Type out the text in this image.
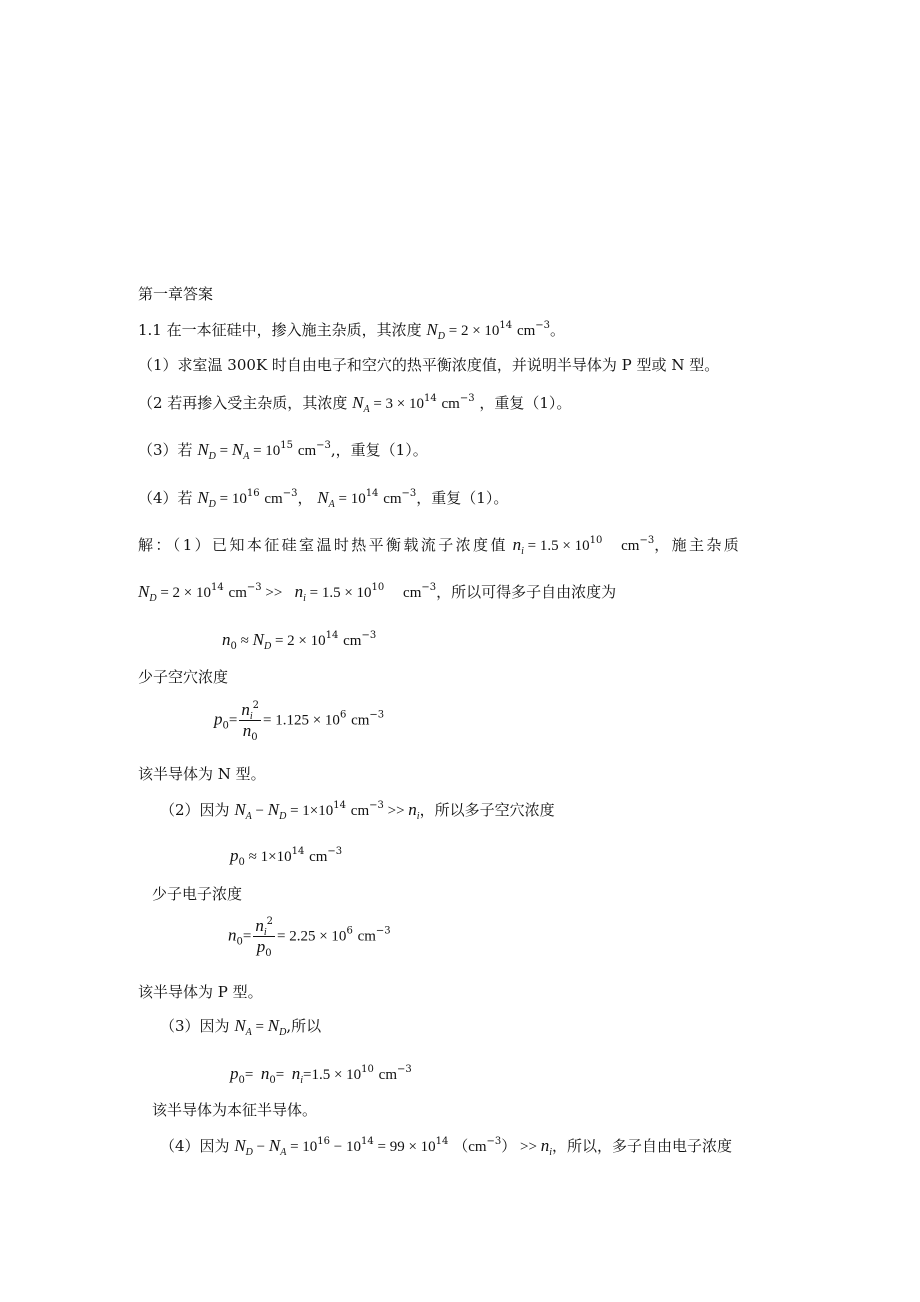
第一章答案
1.1 在一本征硅中，掺入施主杂质，其浓度 $N_D = 2 \times 10^{14}$ $cm^{-3}$。
（1）求室温 300K 时自由电子和空穴的热平衡浓度值，并说明半导体为 P 型或 N 型。
（2 若再掺入受主杂质，其浓度 $N_A = 3 \times 10^{14}$ $cm^{-3}$ ，重复（1）。
（3）若 $N_D = N_A = 10^{15}$ $cm^{-3}$,，重复（1）。
（4）若 $N_D = 10^{16}$ $cm^{-3}$， $N_A = 10^{14}$ $cm^{-3}$，重复（1）。
解：（1）已知本征硅室温时热平衡载流子浓度值 $n_i = 1.5 \times 10^{10}$ $cm^{-3}$，施主杂质
$N_D = 2 \times 10^{14}$ $cm^{-3} >> n_i = 1.5 \times 10^{10}$ $cm^{-3}$，所以可得多子自由浓度为
$n_0 \approx N_D = 2 \times 10^{14}$ $cm^{-3}$
少子空穴浓度
$p_0= \frac{n_i^2}{n_0} = 1.125 \times 10^6$ $cm^{-3}$
该半导体为 N 型。
（2）因为 $N_A - N_D = 1\times 10^{14}$ $cm^{-3} >> n_i$，所以多子空穴浓度
$p_0 \approx 1\times 10^{14}$ $cm^{-3}$
少子电子浓度
$n_0= \frac{n_i^2}{p_0} = 2.25 \times 10^6$ $cm^{-3}$
该半导体为 P 型。
（3）因为 $N_A = N_D$,所以
$p_0= n_0= n_i=1.5 \times 10^{10}$ $cm^{-3}$
该半导体为本征半导体。
（4）因为 $N_D - N_A = 10^{16} - 10^{14} = 99 \times 10^{14}$ $(cm^{-3}) >> n_i$，所以，多子自由电子浓度
